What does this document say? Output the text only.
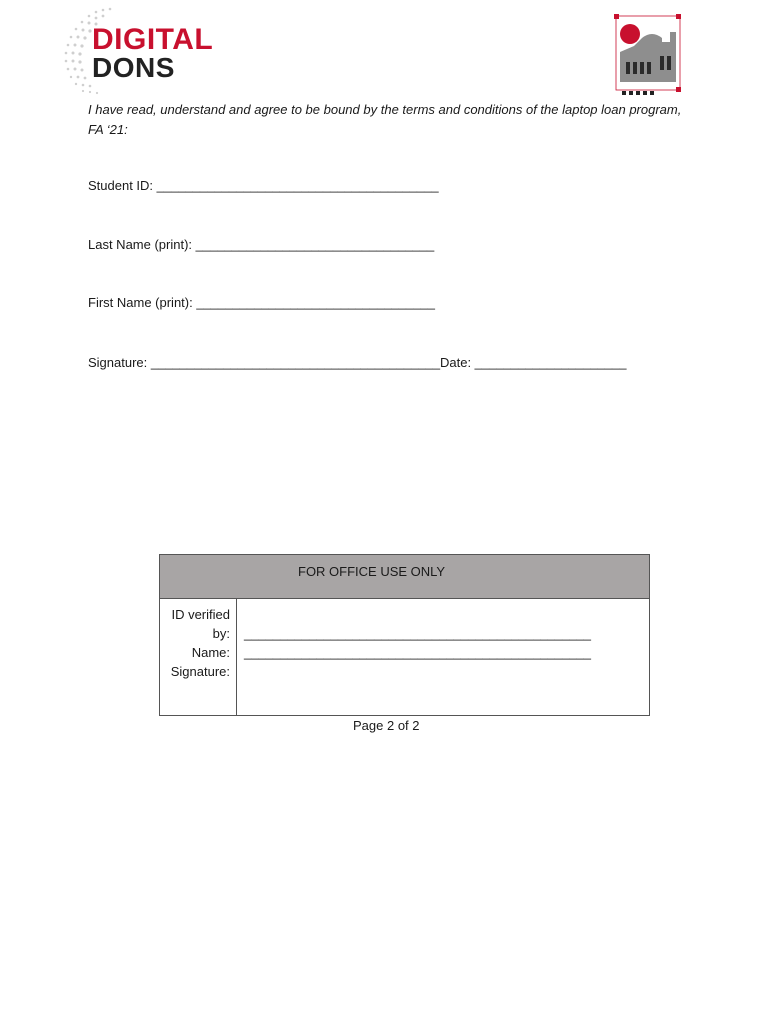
DIGITAL
DONS

I have read, understand and agree to be bound by the terms and conditions of the laptop loan program, FA ‘21:

Student ID: _______________________________________
Last Name (print): _________________________________
First Name (print): _________________________________
Signature: ________________________________________ Date: _____________________
FOR OFFICE USE ONLY
ID verified
by:
Name:
Signature:
________________________________________________
________________________________________________
Page 2 of 2
